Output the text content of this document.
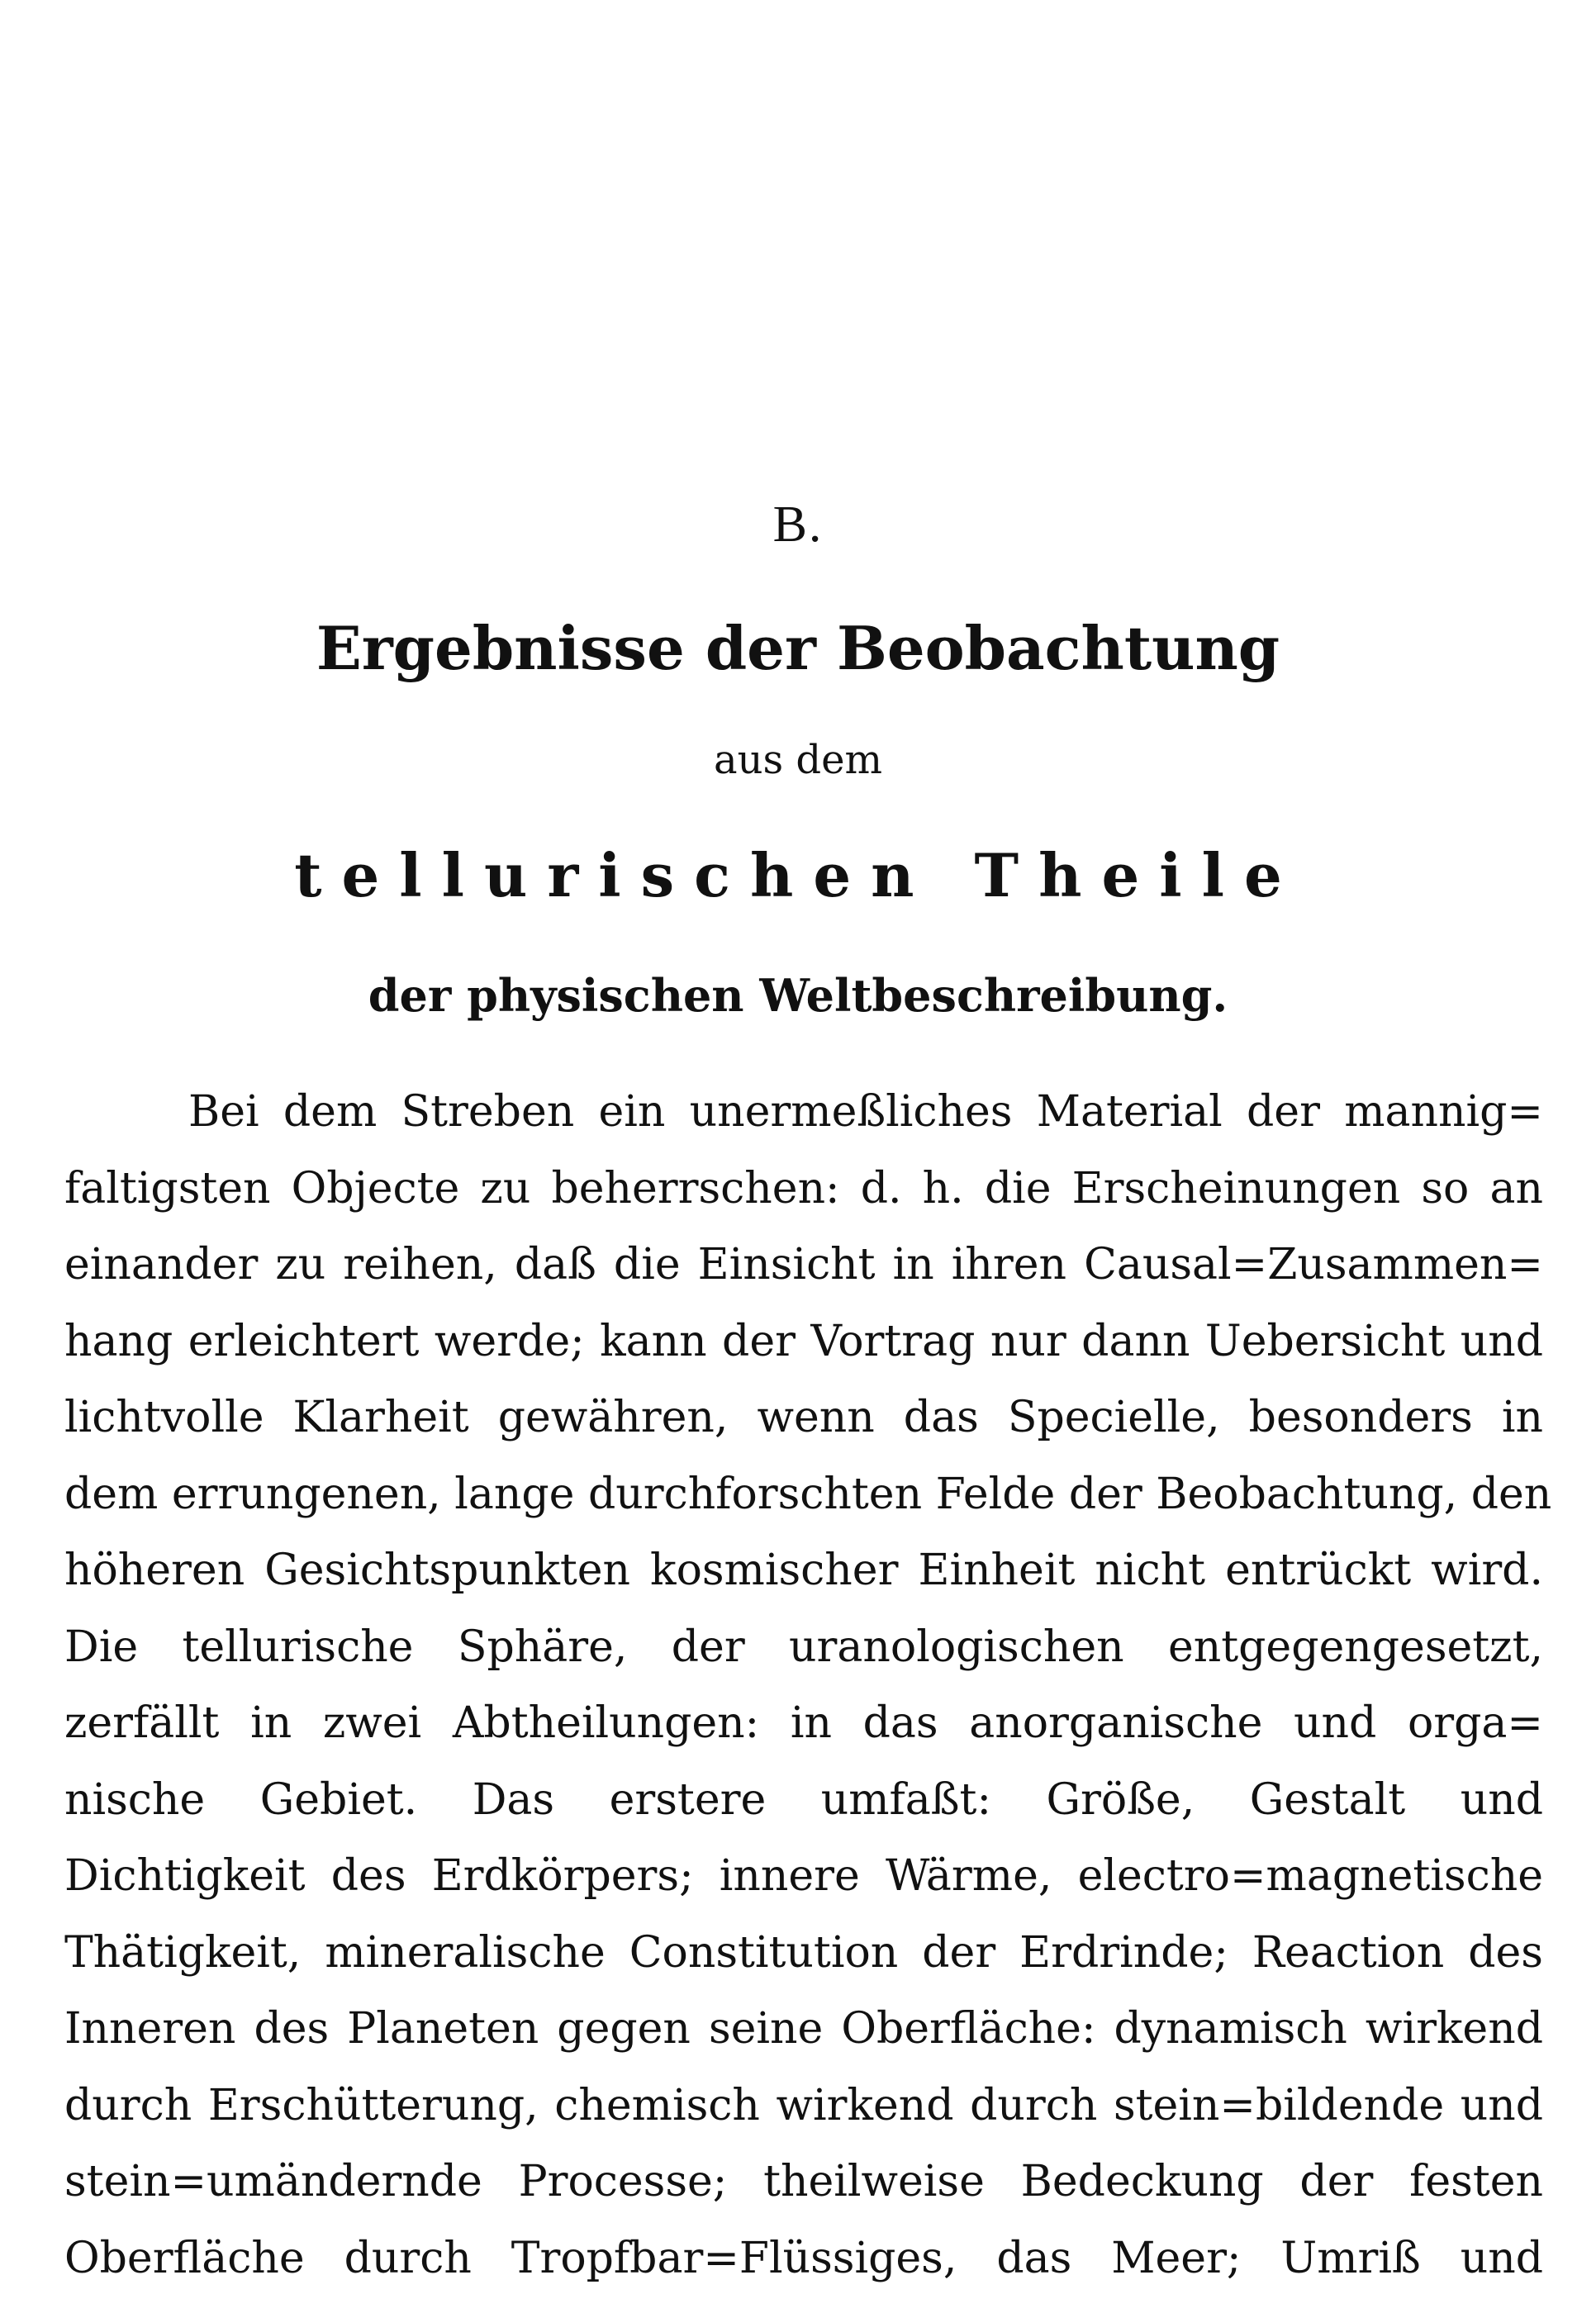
B.
Ergebnisse der Beobachtung
aus dem
tellurischen Theile
der physischen Weltbeschreibung.
Bei dem Streben ein unermeßliches Material der mannig=
faltigsten Objecte zu beherrschen: d. h. die Erscheinungen so an
einander zu reihen, daß die Einsicht in ihren Causal=Zusammen=
hang erleichtert werde; kann der Vortrag nur dann Uebersicht und
lichtvolle Klarheit gewähren, wenn das Specielle, besonders in
dem errungenen, lange durchforschten Felde der Beobachtung, den
höheren Gesichtspunkten kosmischer Einheit nicht entrückt wird.
Die tellurische Sphäre, der uranologischen entgegengesetzt,
zerfällt in zwei Abtheilungen: in das anorganische und orga=
nische Gebiet. Das erstere umfaßt: Größe, Gestalt und
Dichtigkeit des Erdkörpers; innere Wärme, electro=magnetische
Thätigkeit, mineralische Constitution der Erdrinde; Reaction des
Inneren des Planeten gegen seine Oberfläche: dynamisch wirkend
durch Erschütterung, chemisch wirkend durch stein=bildende und
stein=umändernde Processe; theilweise Bedeckung der festen
Oberfläche durch Tropfbar=Flüssiges, das Meer; Umriß und
